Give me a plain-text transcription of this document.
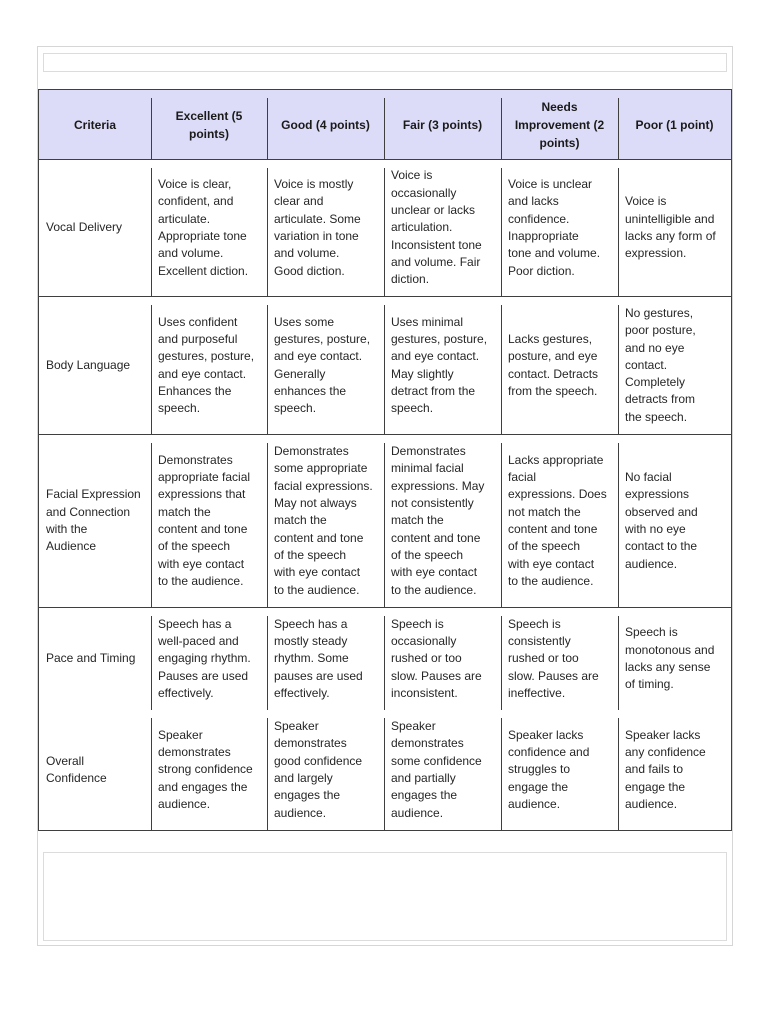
Criteria
Excellent (5
points)
Good (4 points)	Fair (3 points)
Needs
Improvement (2
points)
Poor (1 point)
Vocal Delivery
Voice is clear,
confident, and
articulate.
Appropriate tone
and volume.
Excellent diction.
Voice is mostly
clear and
articulate. Some
variation in tone
and volume.
Good diction.
Voice is
occasionally
unclear or lacks
articulation.
Inconsistent tone
and volume. Fair
diction.
Voice is unclear
and lacks
confidence.
Inappropriate
tone and volume.
Poor diction.
Voice is
unintelligible and
lacks any form of
expression.
Body Language
Uses confident
and purposeful
gestures, posture,
and eye contact.
Enhances the
speech.
Uses some
gestures, posture,
and eye contact.
Generally
enhances the
speech.
Uses minimal
gestures, posture,
and eye contact.
May slightly
detract from the
speech.
Lacks gestures,
posture, and eye
contact. Detracts
from the speech.
No gestures,
poor posture,
and no eye
contact.
Completely
detracts from
the speech.
Facial Expression
and Connection
with the
Audience
Demonstrates
appropriate facial
expressions that
match the
content and tone
of the speech
with eye contact
to the audience.
Demonstrates
some appropriate
facial expressions.
May not always
match the
content and tone
of the speech
with eye contact
to the audience.
Demonstrates
minimal facial
expressions. May
not consistently
match the
content and tone
of the speech
with eye contact
to the audience.
Lacks appropriate
facial
expressions. Does
not match the
content and tone
of the speech
with eye contact
to the audience.
No facial
expressions
observed and
with no eye
contact to the
audience.
Pace and Timing
Speech has a
well-paced and
engaging rhythm.
Pauses are used
effectively.
Speech has a
mostly steady
rhythm. Some
pauses are used
effectively.
Speech is
occasionally
rushed or too
slow. Pauses are
inconsistent.
Speech is
consistently
rushed or too
slow. Pauses are
ineffective.
Speech is
monotonous and
lacks any sense
of timing.
Overall
Confidence
Speaker
demonstrates
strong confidence
and engages the
audience.
Speaker
demonstrates
good confidence
and largely
engages the
audience.
Speaker
demonstrates
some confidence
and partially
engages the
audience.
Speaker lacks
confidence and
struggles to
engage the
audience.
Speaker lacks
any confidence
and fails to
engage the
audience.
